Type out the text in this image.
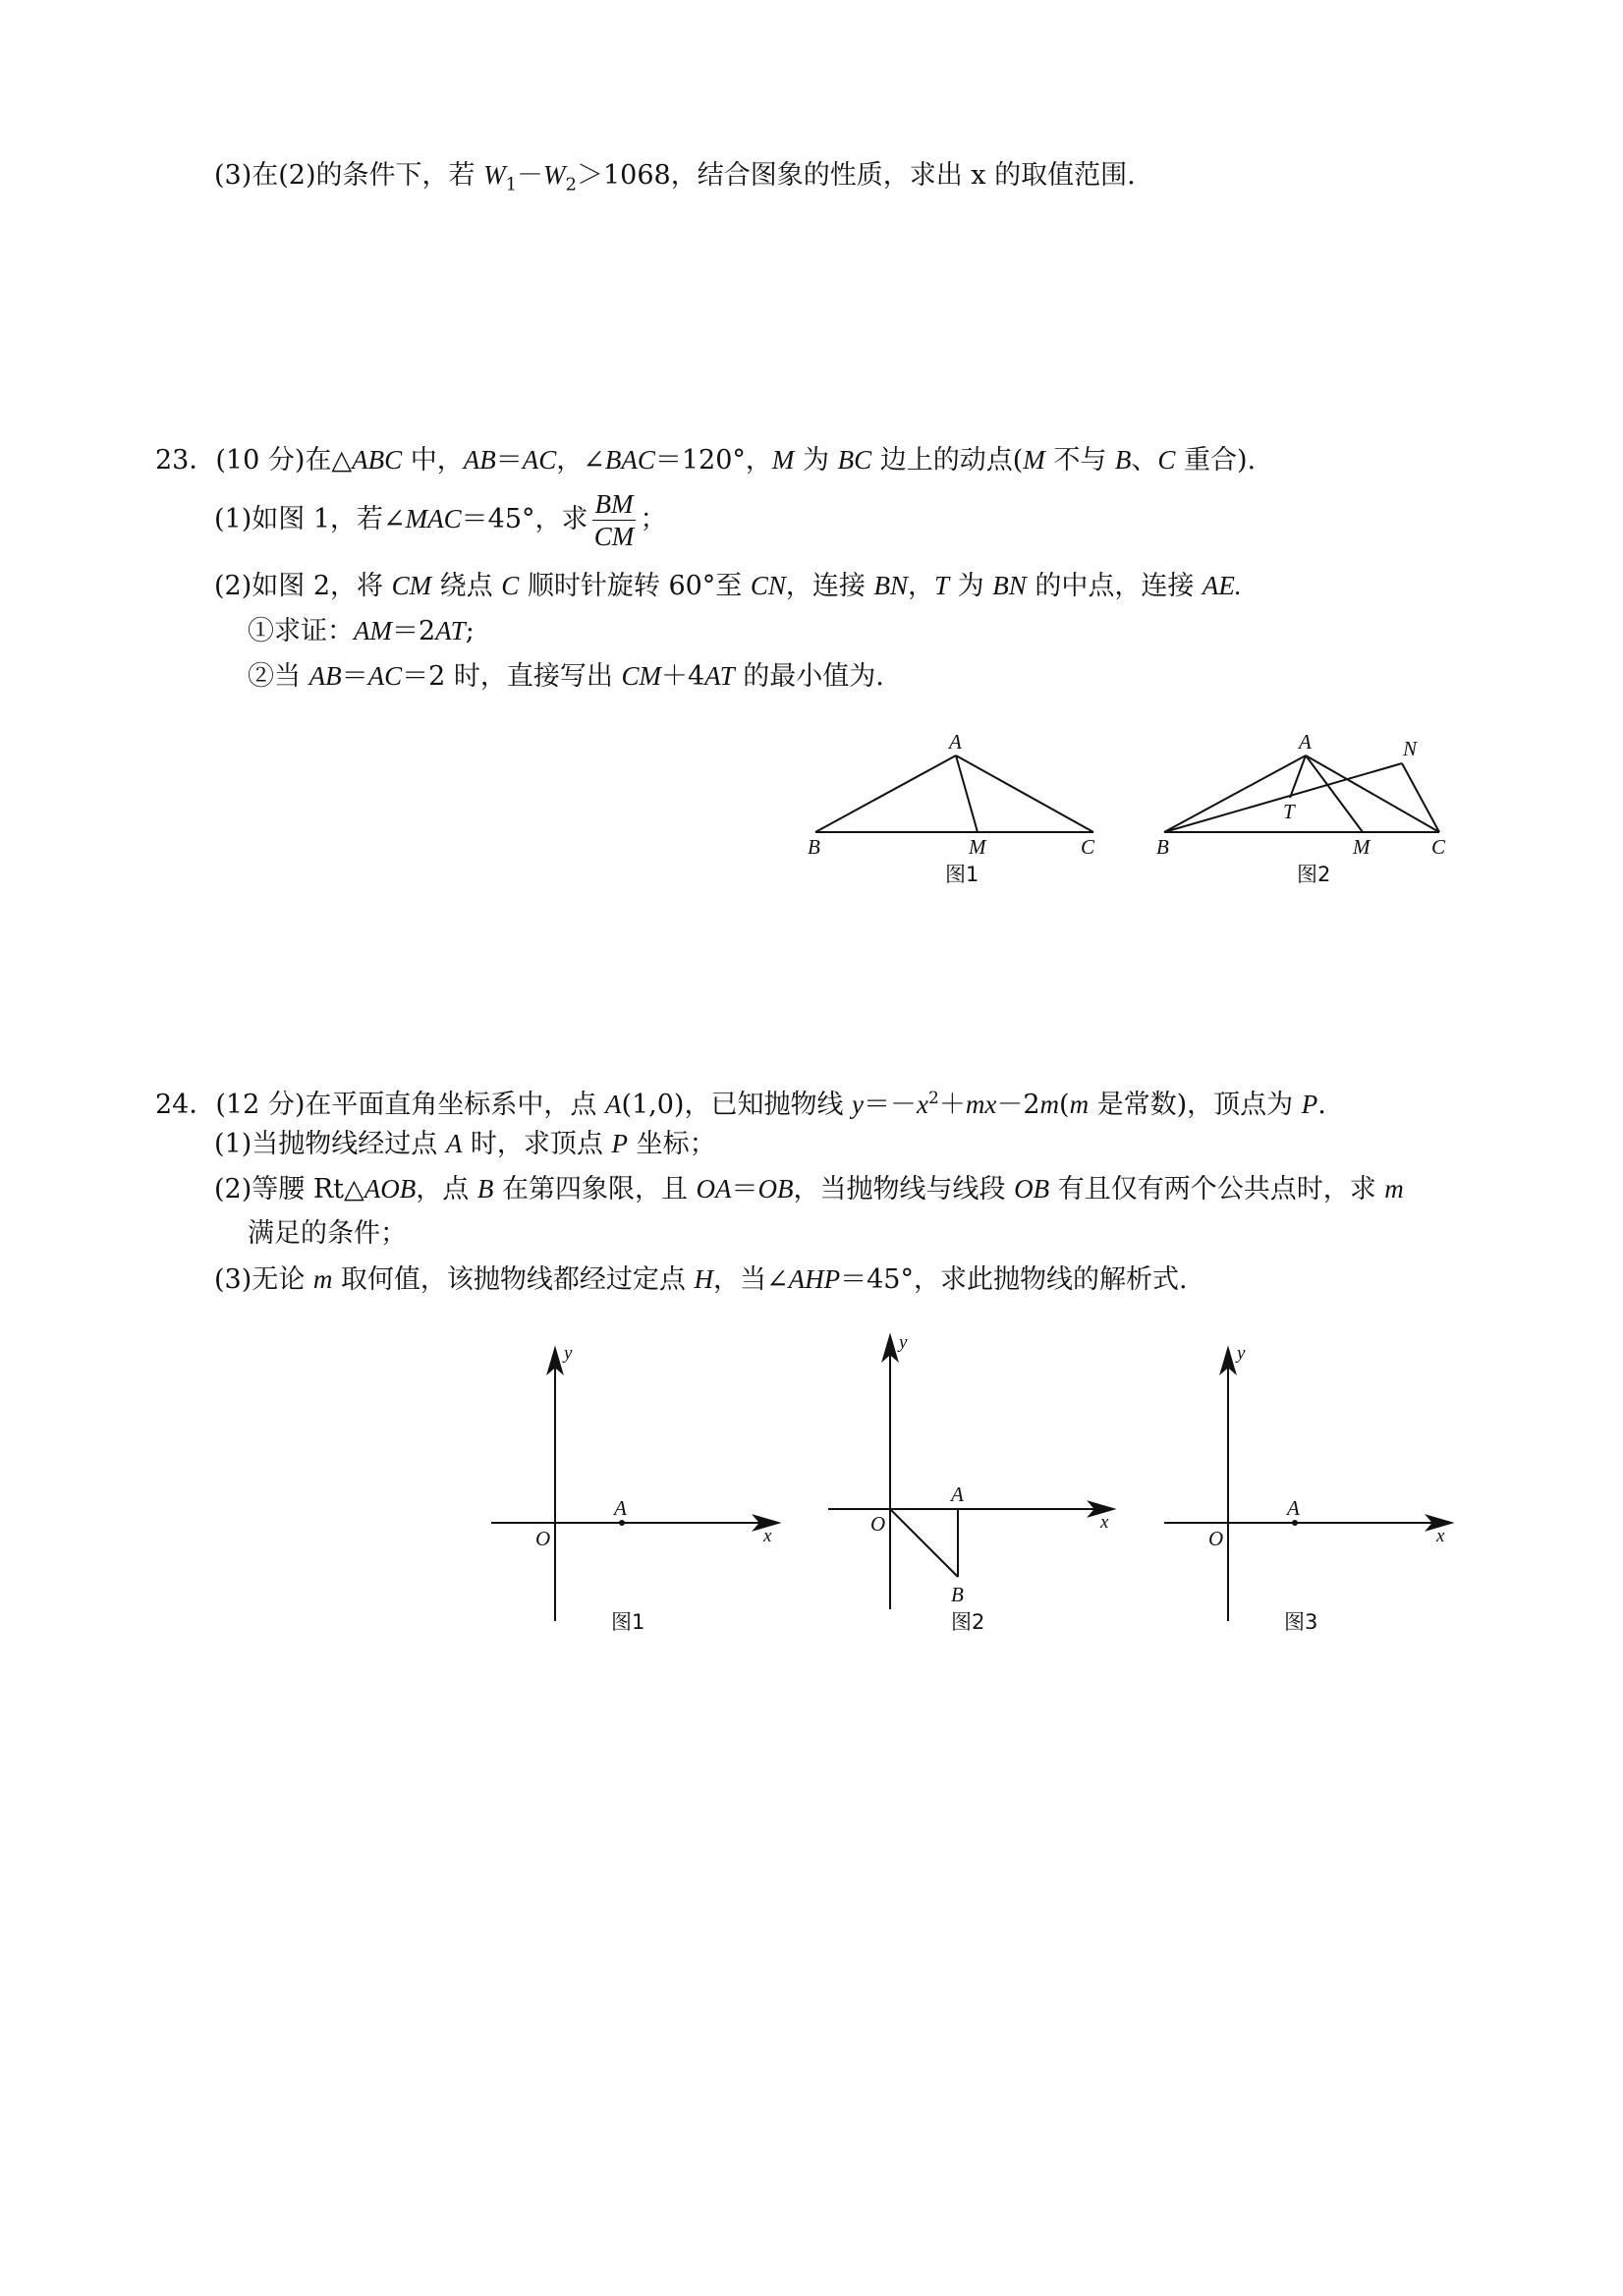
(3)在(2)的条件下，若 $W_1-W_2>1068$，结合图象的性质，求出 x 的取值范围.
23．(10 分)在△ABC 中，AB＝AC，∠BAC＝120°，M 为 BC 边上的动点(M 不与 B、C 重合).
(1)如图 1，若∠MAC＝45°，求 $\frac{BM}{CM}$ ；
(2)如图 2，将 CM 绕点 C 顺时针旋转 60°至 CN，连接 BN，T 为 BN 的中点，连接 AE.
①求证：AM＝2AT;
②当 AB＝AC＝2 时，直接写出 CM＋4AT 的最小值为.
A
B	M	C
图1
A	N
T
B	M	C
图2
24．(12 分)在平面直角坐标系中，点 A(1,0)，已知抛物线 $y=-x^2+mx-2m(m$ 是常数)，顶点为 P.
(1)当抛物线经过点 A 时，求顶点 P 坐标；
(2)等腰 Rt△AOB，点 B 在第四象限，且 OA＝OB，当抛物线与线段 OB 有且仅有两个公共点时，求 m
满足的条件；
(3)无论 m 取何值，该抛物线都经过定点 H，当∠AHP＝45°，求此抛物线的解析式.
y
x
O
A
图1
y
x
O
A
B
图2
y
x
O
A
图3
